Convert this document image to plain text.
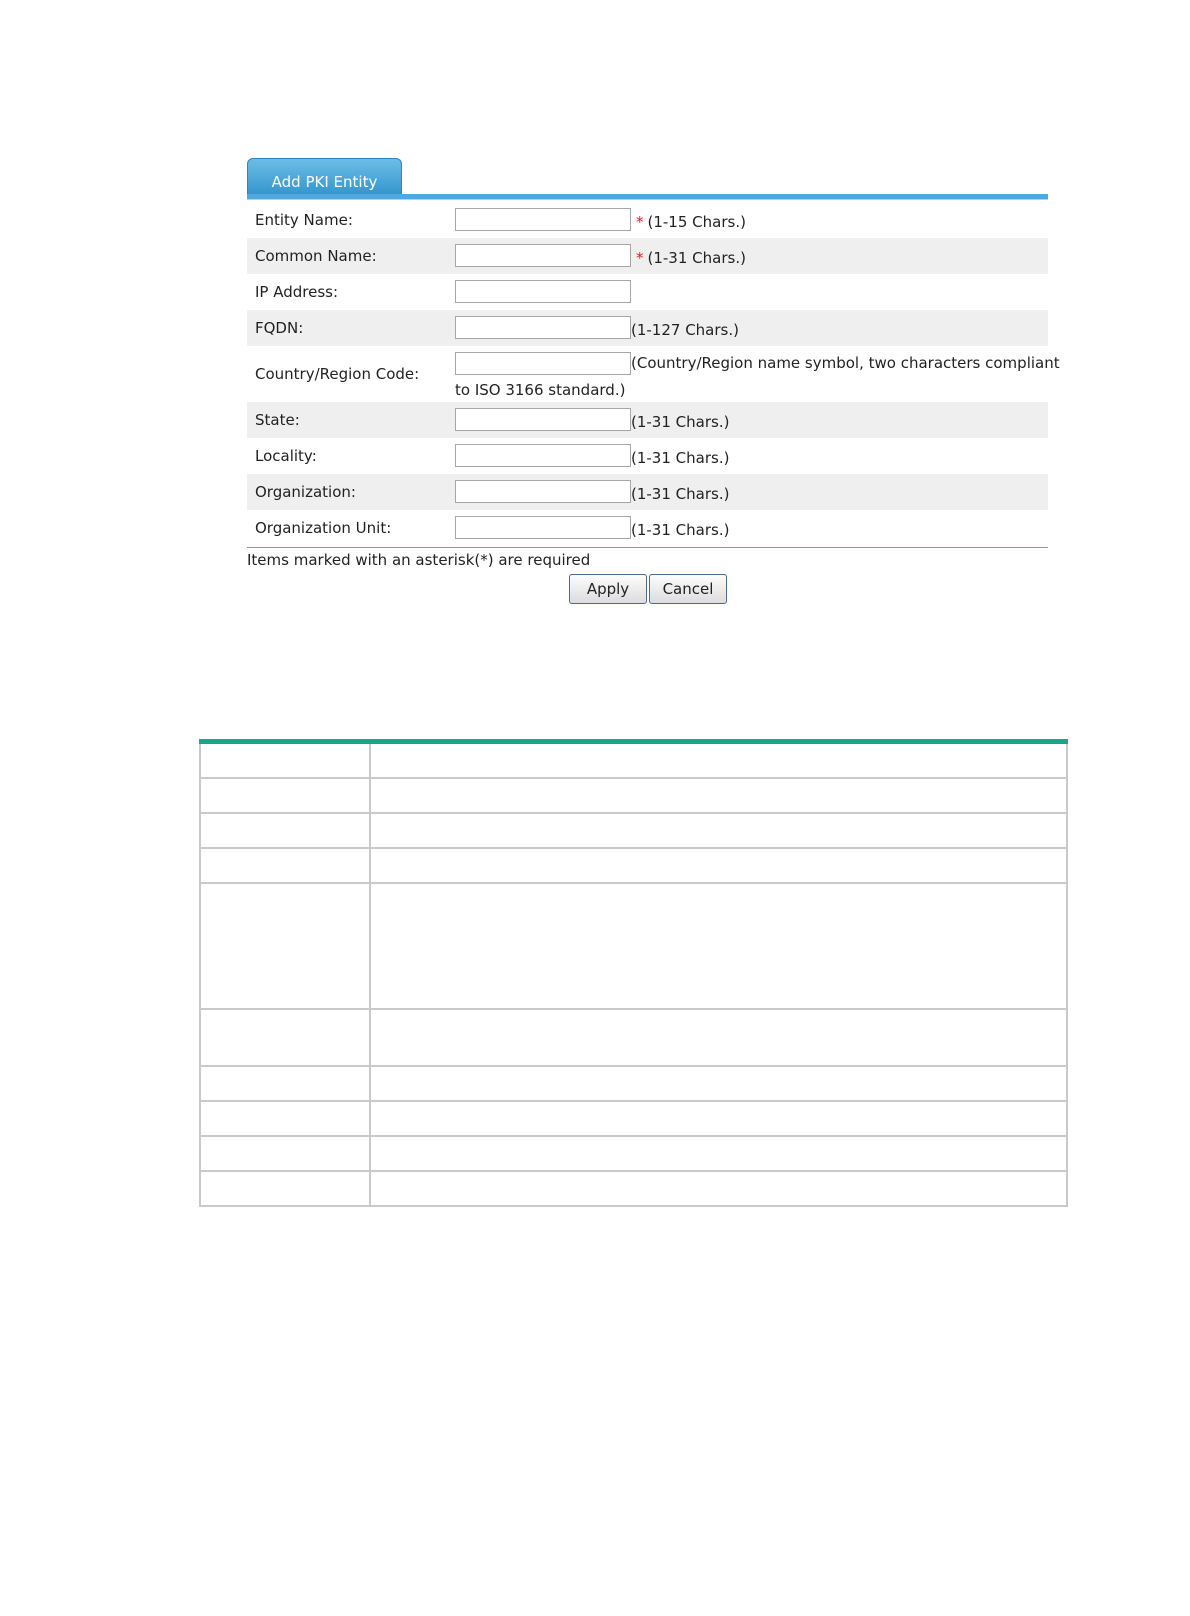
Add PKI Entity
Entity Name:	* (1-15 Chars.)
Common Name:	* (1-31 Chars.)
IP Address:
FQDN:	(1-127 Chars.)
Country/Region Code:
(Country/Region name symbol, two characters compliant
to ISO 3166 standard.)
State:	(1-31 Chars.)
Locality:	(1-31 Chars.)
Organization:	(1-31 Chars.)
Organization Unit:	(1-31 Chars.)
Items marked with an asterisk(*) are required
Apply	Cancel
